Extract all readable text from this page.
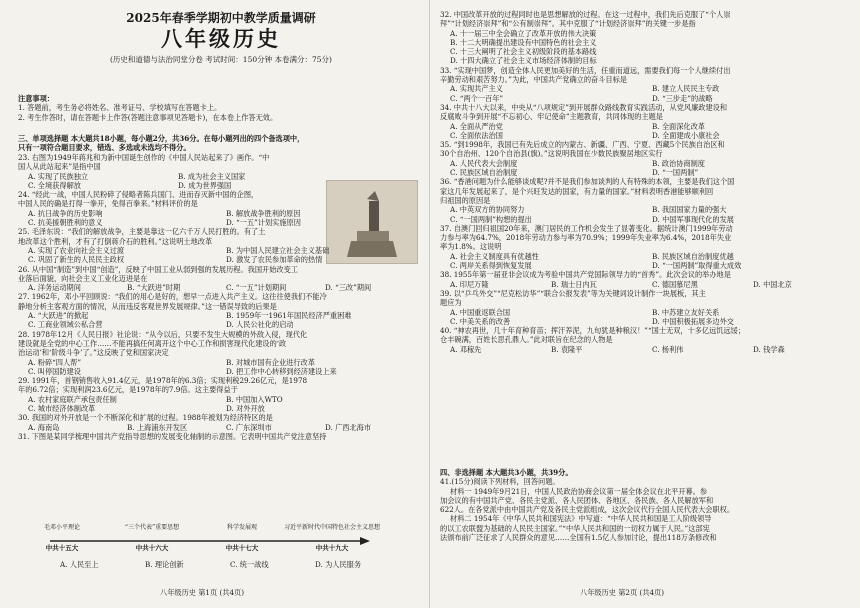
2025年春季学期初中教学质量调研
八年级历史
(历史和道德与法治同堂分卷 考试时间：150分钟 本卷满分：75分)
注意事项：
1. 答题前，考生务必将姓名、准考证号、学校填写在答题卡上。
2. 考生作答时，请在答题卡上作答(答题注意事项见答题卡)，在本卷上作答无效。
三、单项选择题 本大题共18小题，每小题2分，共36分。在每小题列出的四个备选项中，
只有一项符合题目要求，错选、多选或未选均不得分。
23. 右图为1949年蒋兆和为新中国诞生创作的《中国人民站起来了》画作。“中
国人从此站起来”是指中国
A. 实现了民族独立	B. 成为社会主义国家
C. 全境获得解放	D. 成为世界强国
24. “经此一战，中国人民粉碎了侵略者陈兵国门、进而吞灭新中国的企图，
中国人民的确是打得一拳开，免得百拳来。”材料评价的是
A. 抗日战争的历史影响	B. 解放战争胜利的原因
C. 抗美援朝胜利的意义	D. “一五”计划实施原因
25. 毛泽东说：“我们的解放战争，主要是靠这一亿六千万人民打胜的。有了土
地改革这个胜利，才有了打倒蒋介石的胜利。”这说明土地改革
A. 实现了农业向社会主义过渡	B. 为中国人民建立社会主义基础
C. 巩固了新生的人民民主政权	D. 激发了农民参加革命的热情
26. 从中国“制造”到中国“创造”，反映了中国工业从弱到强的发展历程。我国开始改变工
业落后面貌，向社会主义工业化迈进是在
A. 洋务运动期间	B. “大跃进”时期	C. “一五”计划期间	D. “三改”期间
27. 1962年，邓小平回顾说：“我们的用心是好的，想早一点进入共产主义。这往往使我们不能冷
静地分析主客观方面的情况，从而违反客观世界发展规律。”这一错误导致的后果是
A. “大跃进”的掀起	B. 1959年一1961年国民经济严重困难
C. 工商业领域公私合营	D. 人民公社化的启动
28. 1978年12月《人民日报》社论说：“从今以后，只要不发生大规模的外敌入侵，现代化
建设就是全党的中心工作……不能再搞任何离开这个中心工作和损害现代化建设的‘政
治运动’和‘阶级斗争’了。”这反映了党和国家决定
A. 粉碎“四人帮”	B. 对城市国有企业进行改革
C. 叫停国防建设	D. 把工作中心转移到经济建设上来
29. 1991年，首钢销售收入91.4亿元，是1978年的6.3倍；实现利税29.26亿元，是1978
年的6.72倍；实现利润23.6亿元，是1978年的7.9倍。这主要得益于
A. 农村家庭联产承包责任制	B. 中国加入WTO
C. 城市经济体制改革	D. 对外开放
30. 我国的对外开放是一个不断深化和扩展的过程。1988年被划为经济特区的是
A. 海南岛	B. 上海浦东开发区	C. 广东深圳市	D. 广西北海市
31. 下图是某同学梳理中国共产党指导思想的发展变化轴制的示意图。它表明中国共产党注意坚持
毛邓小平理论	“三个代表”重要思想	科学发展观	习近平新时代中国特色社会主义思想
中共十五大	中共十六大	中共十七大	中共十九大
A. 人民至上	B. 理论创新	C. 统一战线	D. 为人民服务
八年级历史 第1页 (共4页)
32. 中国改革开放的过程同时也是思想解放的过程。在这一过程中，我们先后克服了“个人崇
拜”“计划经济崇拜”和“公有制崇拜”。其中克服了“计划经济崇拜”的关键一步是指
A. 十一届三中全会确立了改革开放的伟大决策
B. 十二大明确提出建设有中国特色的社会主义
C. 十三大阐明了社会主义初级阶段的基本路线
D. 十四大确立了社会主义市场经济体制的目标
33. “实现中国梦，创造全体人民更加美好的生活，任重而道远，需要我们每一个人继续付出
辛勤劳动和艰苦努力。”为此，中国共产党确立的奋斗目标是
A. 实现共产主义	B. 建立人民民主专政
C. “两个一百年”	D. “三步走”的战略
34. 中共十八大以来，中央从“八项规定”到开展群众路线教育实践活动，从党风廉政建设和
反腐败斗争到开展“不忘初心、牢记使命”主题教育，共同体现的主题是
A. 全面从严治党	B. 全面深化改革
C. 全面依法治国	D. 全面建成小康社会
35. “到1998年，我国已有先后成立的内蒙古、新疆、广西、宁夏、西藏5个民族自治区和
30个自治州、120个自治县(旗)。”这说明我国在少数民族聚居地区实行
A. 人民代表大会制度	B. 政治协商制度
C. 民族区域自治制度	D. “一国两制”
36. “香港问题为什么能够谈成呢?并不是我们参加谈判的人有特殊的本领，主要是我们这个国
家这几年发展起来了，是个兴旺发达的国家，有力量的国家。”材料表明香港能够顺利回
归祖国的原因是
A. 中英双方的协同努力	B. 我国国家力量的强大
C. “一国两制”构想的提出	D. 中国军事现代化的发展
37. 自澳门回归祖国20年来，澳门居民的工作机会发生了显著变化。据统计澳门1999年劳动
力参与率为64.7%，2018年劳动力参与率为70.9%；1999年失业率为6.4%，2018年失业
率为1.8%。这说明
A. 社会主义制度具有优越性	B. 民族区域自治制度优越
C. 两岸关系得到恢复发展	D. “一国两制”取得重大成效
38. 1955年第一届亚非会议成为考验中国共产党国际领导力的“首秀”。此次会议的举办地是
A. 印尼万隆	B. 瑞士日内瓦	C. 德国慕尼黑	D. 中国北京
39. 以“乒乓外交”“尼克松访华”“联合公报发表”等为关键词设计制作一块展板，其主
题应为
A. 中国重返联合国	B. 中苏建立友好关系
C. 中美关系的改善	D. 中国积极拓展多边外交
40. “神农再世，几十年育种育苗；挥汗养泥，九旬犹是种粮汉！”“国士无双，十多亿远饥远馁；
仓丰碗满，百姓长思孔鼎人。”此对联旨在纪念的人物是
A. 邓稼先	B. 袁隆平	C. 杨利伟	D. 钱学森
四、非选择题 本大题共3小题，共39分。
41.(15分)阅读下列材料，回答问题。
材料一 1949年9月21日，中国人民政治协商会议第一届全体会议在北平开幕。参
加会议的有中国共产党、各民主党派、各人民团体、各地区、各民族、各人民解放军和
622人。在各党派中由中国共产党及各民主党派组成，这次会议代行全国人民代表大会职权。
材料二 1954年《中华人民共和国宪法》中写道：“中华人民共和国是工人阶级领导
的以工农联盟为基础的人民民主国家。”“中华人民共和国的一切权力属于人民。”这部宪
法颁布前广泛征求了人民群众的意见……全国有1.5亿人参加讨论，提出118万条修改和
八年级历史 第2页 (共4页)
